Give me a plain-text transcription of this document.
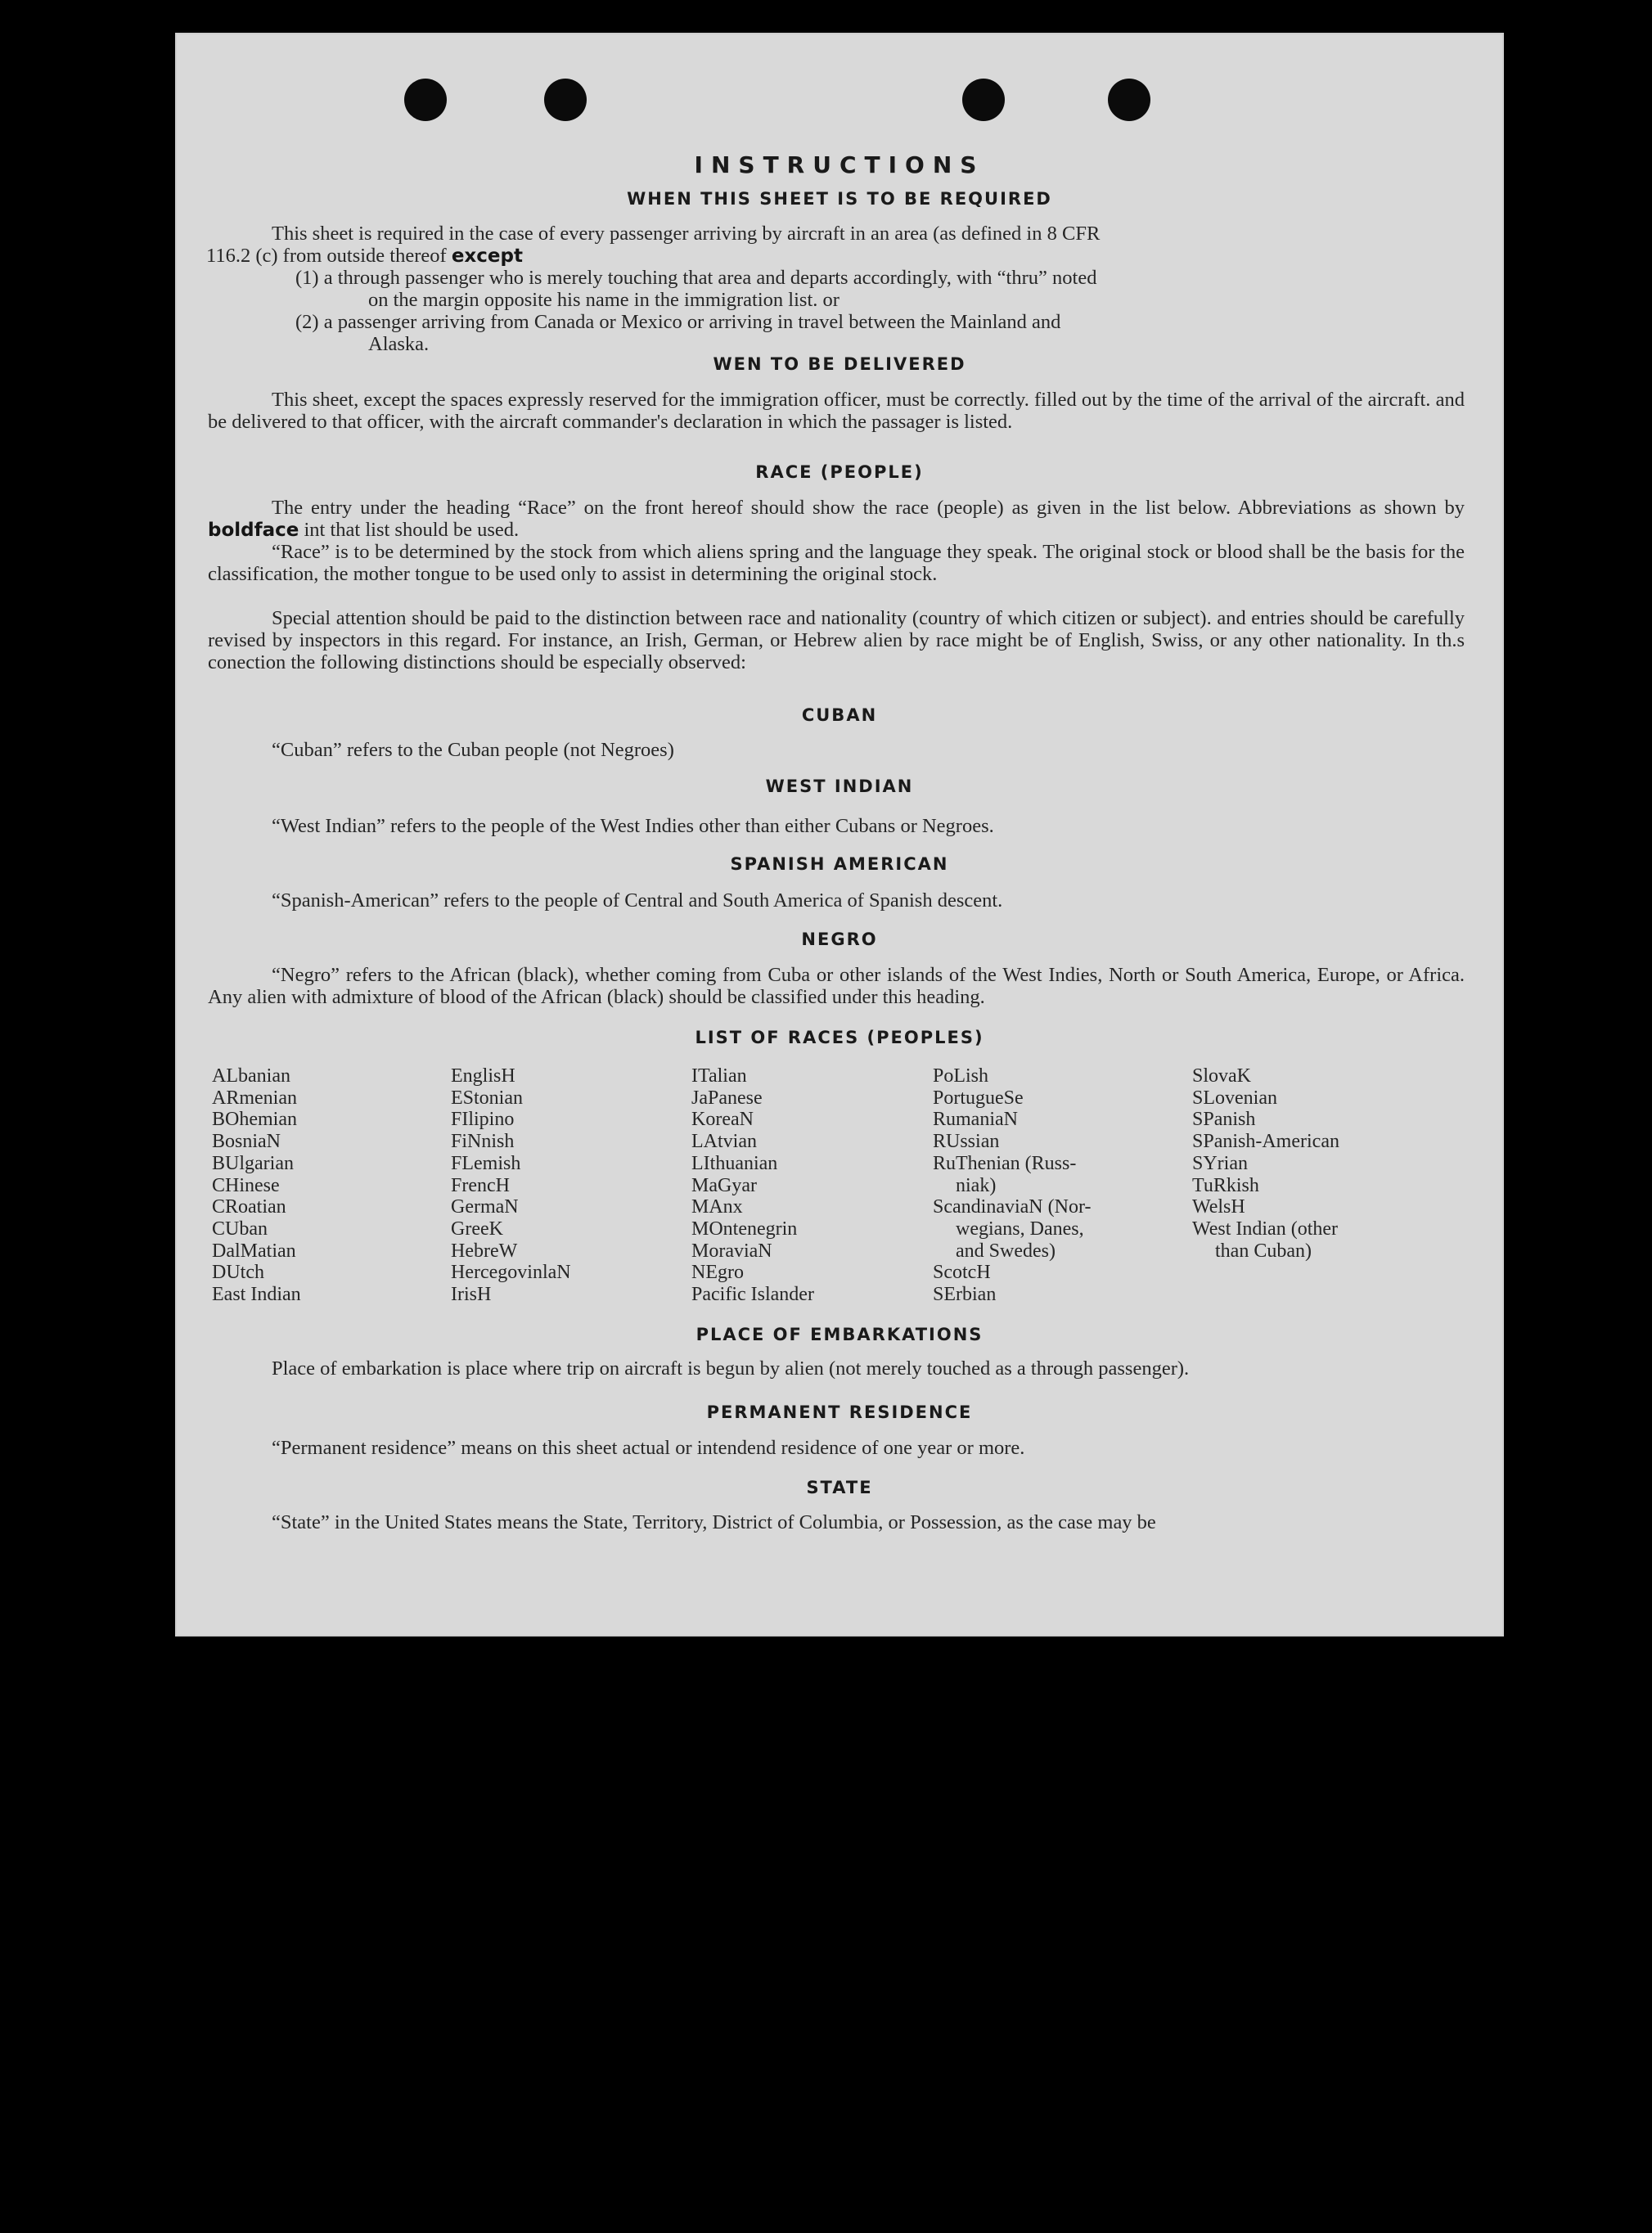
INSTRUCTIONS
WHEN THIS SHEET IS TO BE REQUIRED
This sheet is required in the case of every passenger arriving by aircraft in an area (as defined in 8 CFR
116.2 (c) from outside thereof except
(1) a through passenger who is merely touching that area and departs accordingly, with “thru” noted
on the margin opposite his name in the immigration list. or
(2) a passenger arriving from Canada or Mexico or arriving in travel between the Mainland and
Alaska.
WEN TO BE DELIVERED
This sheet, except the spaces expressly reserved for the immigration officer, must be correctly. filled out by the time of the arrival of the aircraft. and be delivered to that officer, with the aircraft commander's declaration in which the passager is listed.
RACE (PEOPLE)
The entry under the heading “Race” on the front hereof should show the race (people) as given in the list below. Abbreviations as shown by boldface int that list should be used.
“Race” is to be determined by the stock from which aliens spring and the language they speak. The original stock or blood shall be the basis for the classification, the mother tongue to be used only to assist in determining the original stock.
Special attention should be paid to the distinction between race and nationality (country of which citizen or subject). and entries should be carefully revised by inspectors in this regard. For instance, an Irish, German, or Hebrew alien by race might be of English, Swiss, or any other nationality. In th.s conection the following distinctions should be especially observed:
CUBAN
“Cuban” refers to the Cuban people (not Negroes)
WEST INDIAN
“West Indian” refers to the people of the West Indies other than either Cubans or Negroes.
SPANISH AMERICAN
“Spanish-American” refers to the people of Central and South America of Spanish descent.
NEGRO
“Negro” refers to the African (black), whether coming from Cuba or other islands of the West Indies, North or South America, Europe, or Africa. Any alien with admixture of blood of the African (black) should be classified under this heading.
LIST OF RACES (PEOPLES)
ALbanian
ARmenian
BOhemian
BosniaN
BUlgarian
CHinese
CRoatian
CUban
DalMatian
DUtch
East Indian
EnglisH
EStonian
FIlipino
FiNnish
FLemish
FrencH
GermaN
GreeK
HebreW
HercegovinlaN
IrisH
ITalian
JaPanese
KoreaN
LAtvian
LIthuanian
MaGyar
MAnx
MOntenegrin
MoraviaN
NEgro
Pacific Islander
PoLish
PortugueSe
RumaniaN
RUssian
RuThenian (Russ-
niak)
ScandinaviaN (Nor-
wegians, Danes,
and Swedes)
ScotcH
SErbian
SlovaK
SLovenian
SPanish
SPanish-American
SYrian
TuRkish
WelsH
West Indian (other
than Cuban)
PLACE OF EMBARKATIONS
Place of embarkation is place where trip on aircraft is begun by alien (not merely touched as a through passenger).
PERMANENT RESIDENCE
“Permanent residence” means on this sheet actual or intendend residence of one year or more.
STATE
“State” in the United States means the State, Territory, District of Columbia, or Possession, as the case may be
